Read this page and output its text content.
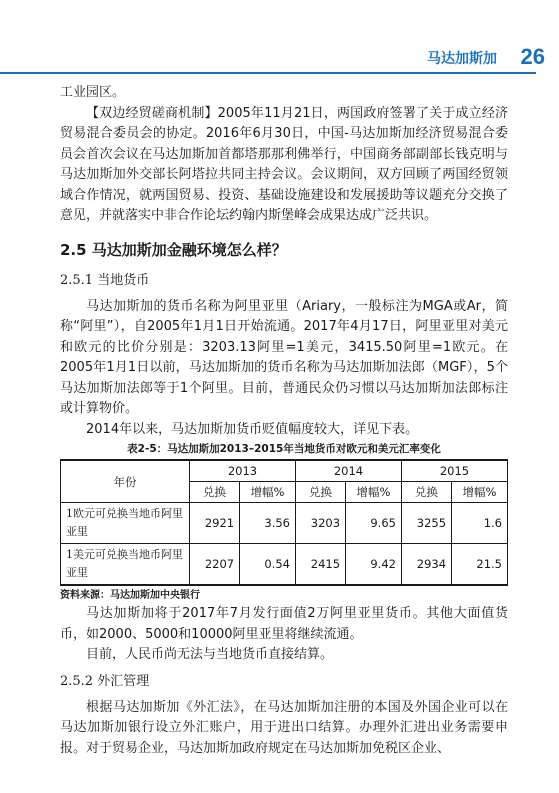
马达加斯加 26

工业园区。

【双边经贸磋商机制】2005年11月21日，两国政府签署了关于成立经济贸易混合委员会的协定。2016年6月30日，中国-马达加斯加经济贸易混合委员会首次会议在马达加斯加首都塔那那利佛举行，中国商务部副部长钱克明与马达加斯加外交部长阿塔拉共同主持会议。会议期间，双方回顾了两国经贸领域合作情况，就两国贸易、投资、基础设施建设和发展援助等议题充分交换了意见，并就落实中非合作论坛约翰内斯堡峰会成果达成广泛共识。

2.5 马达加斯加金融环境怎么样？
2.5.1 当地货币

马达加斯加的货币名称为阿里亚里（Ariary，一般标注为MGA或Ar，简称“阿里”），自2005年1月1日开始流通。2017年4月17日，阿里亚里对美元和欧元的比价分别是：3203.13阿里=1美元，3415.50阿里=1欧元。在2005年1月1日以前，马达加斯加的货币名称为马达加斯加法郎（MGF），5个马达加斯加法郎等于1个阿里。目前，普通民众仍习惯以马达加斯加法郎标注或计算物价。

2014年以来，马达加斯加货币贬值幅度较大，详见下表。

表2-5：马达加斯加2013–2015年当地货币对欧元和美元汇率变化
年份	2013		2014		2015	
	兑换	增幅%	兑换	增幅%	兑换	增幅%
1欧元可兑换当地币阿里亚里	2921	3.56	3203	9.65	3255	1.6
1美元可兑换当地币阿里亚里	2207	0.54	2415	9.42	2934	21.5
资料来源：马达加斯加中央银行

马达加斯加将于2017年7月发行面值2万阿里亚里货币。其他大面值货币，如2000、5000和10000阿里亚里将继续流通。

目前，人民币尚无法与当地货币直接结算。

2.5.2 外汇管理

根据马达加斯加《外汇法》，在马达加斯加注册的本国及外国企业可以在马达加斯加银行设立外汇账户，用于进出口结算。办理外汇进出业务需要申报。对于贸易企业，马达加斯加政府规定在马达加斯加免税区企业、
